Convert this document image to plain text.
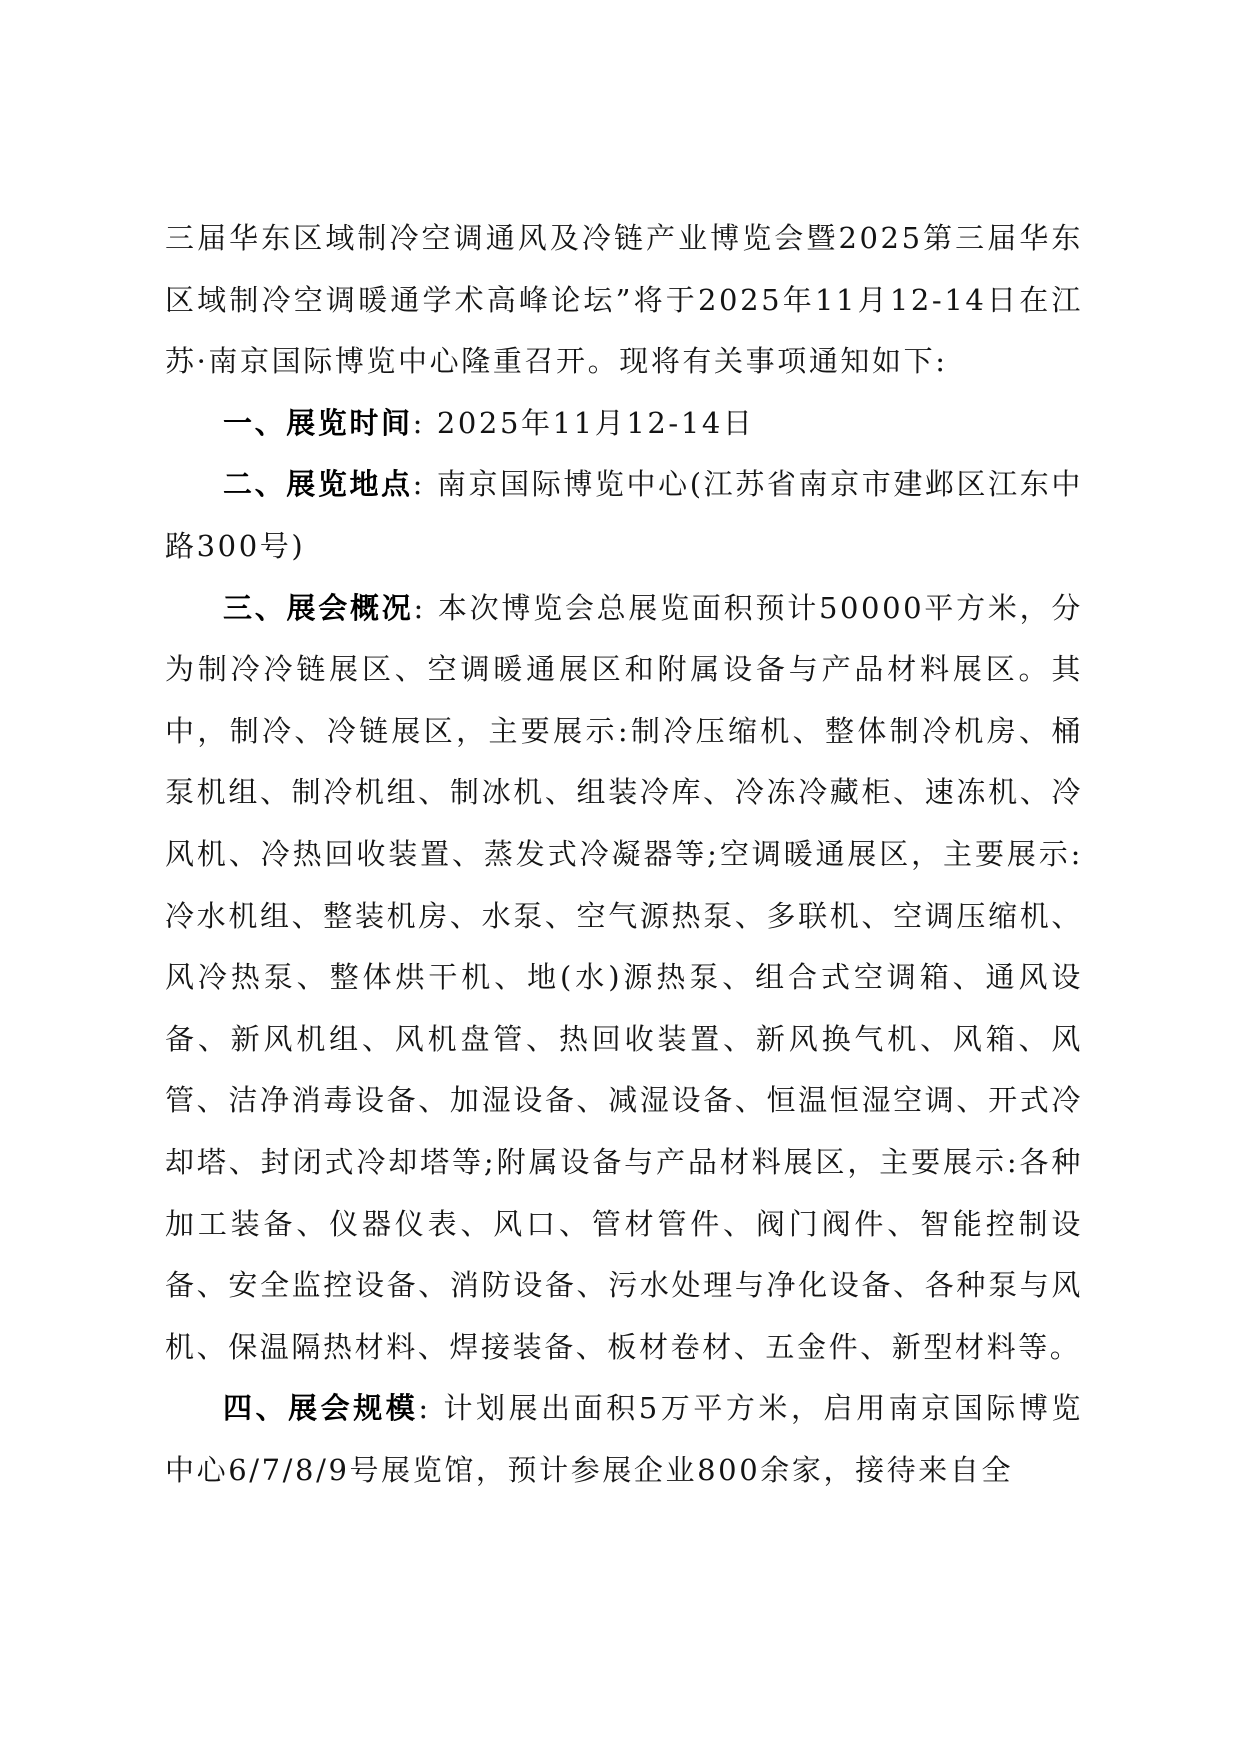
三届华东区域制冷空调通风及冷链产业博览会暨2025第三届华东区域制冷空调暖通学术高峰论坛”将于2025年11月12-14日在江苏·南京国际博览中心隆重召开。现将有关事项通知如下:

一、展览时间: 2025年11月12-14日

二、展览地点: 南京国际博览中心(江苏省南京市建邺区江东中路300号)

三、展会概况: 本次博览会总展览面积预计50000平方米，分为制冷冷链展区、空调暖通展区和附属设备与产品材料展区。其中，制冷、冷链展区，主要展示:制冷压缩机、整体制冷机房、桶泵机组、制冷机组、制冰机、组装冷库、冷冻冷藏柜、速冻机、冷风机、冷热回收装置、蒸发式冷凝器等;空调暖通展区，主要展示:冷水机组、整装机房、水泵、空气源热泵、多联机、空调压缩机、风冷热泵、整体烘干机、地(水)源热泵、组合式空调箱、通风设备、新风机组、风机盘管、热回收装置、新风换气机、风箱、风管、洁净消毒设备、加湿设备、减湿设备、恒温恒湿空调、开式冷却塔、封闭式冷却塔等;附属设备与产品材料展区，主要展示:各种加工装备、仪器仪表、风口、管材管件、阀门阀件、智能控制设备、安全监控设备、消防设备、污水处理与净化设备、各种泵与风机、保温隔热材料、焊接装备、板材卷材、五金件、新型材料等。

四、展会规模: 计划展出面积5万平方米，启用南京国际博览中心6/7/8/9号展览馆，预计参展企业800余家，接待来自全
